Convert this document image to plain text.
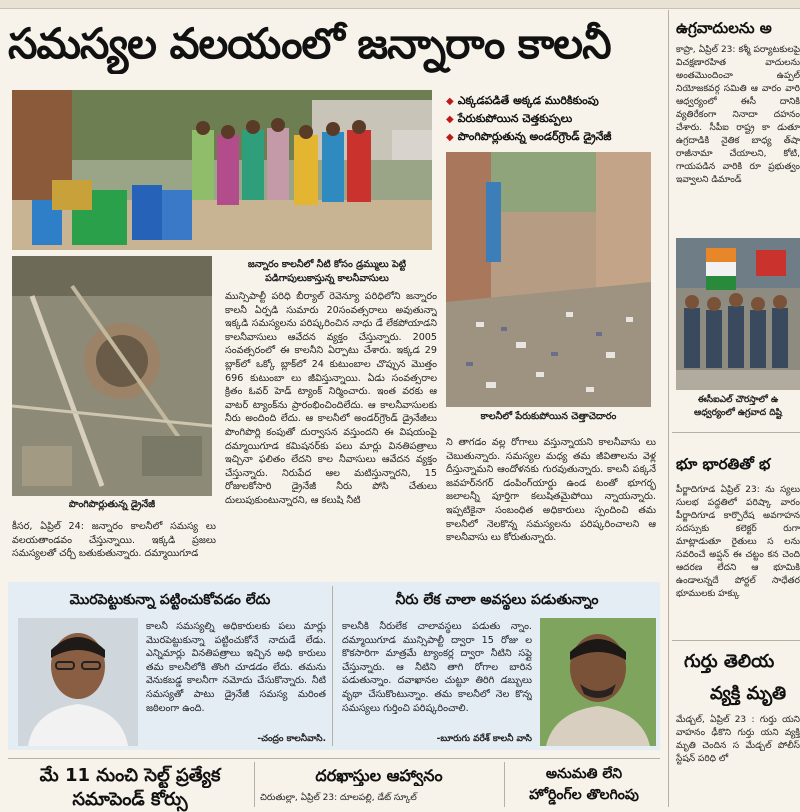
సమస్యల వలయంలో జన్నారాం కాలనీ
◆ ఎక్కడపడితే అక్కడ మురికికుంపు
◆ పేరుకుపోయిన చెత్తకుప్పలు
◆ పొంగిపొర్లుతున్న అండర్‌గ్రౌండ్ డ్రైనేజీ
జన్నారం కాలనీలో నీటి కోసం డ్రమ్ములు పెట్టి పడిగాపులుకాస్తున్న కాలనీవాసులు
పొంగిపొర్లుతున్న డ్రైనేజీ
కాలనీలో పేరుకుపోయిన చెత్తాచెదారం
కీసర, ఏప్రిల్ 24: జన్నారం కాలనీలో సమస్య లు వలయతాండవం చేస్తున్నాయి. ఇక్కడి ప్రజలు సమస్యలతో చర్చీ బతుకుతున్నారు. దమ్మాయిగూడ
మున్సిపాల్టీ పరిధి బీర్యాల్ రెవెన్యూ పరిధిలోని జన్నారం కాలనీ ఏర్పడి సుమారు 20సంవత్సరాలు అవుతున్నా ఇక్కడి సమస్యలను పరిష్కరించిన నాధు డే లేకపోయాడని కాలనీవాసులు ఆవేదన వ్యక్తం చేస్తున్నారు. 2005 సంవత్సరంలో ఈ కాలనీని ఏర్పాటు చేశారు. ఇక్కడ 29 బ్లాక్‌లో ఒక్కో బ్లాక్‌లో 24 కుటుంబాల చొప్పున మొత్తం 696 కుటుంబా లు జీవిస్తున్నాయి. ఏడు సంవత్సరాల క్రితం ఓవర్ హెడ్ ట్యాంక్ నిర్మించారు. ఇంత వరకు ఆ వాటర్ ట్యాంక్‌ను ప్రారంభించిందిలేదు. ఆ కాలనీవాసులకు నీరు అందింది లేదు. ఆ కాలనీలో అండర్‌గ్రౌండ్ డ్రైనేజీలు పొంగిపొర్లి కంపుతో దుర్వాసన వస్తుందని ఈ విషయంపై దమ్మాయిగూడ కమిషనర్‌కు పలు మార్లు వినతిపత్రాలు ఇచ్చినా ఫలితం లేదని కాల నీవాసులు ఆవేదన వ్యక్తం చేస్తున్నారు. నిరుపేద ఆల మటిస్తున్నారని, 15 రోజులకోసారి డ్రైనేజీ నీరు పోసి చేతులు దులుపుకుంటున్నారని, ఆ కలుషి నీటి
ని తాగడం వల్ల రోగాలు వస్తున్నాయని కాలనీవాసు లు చెబుతున్నారు. సమస్యల మధ్య తమ జీవితాలను వెళ్ల దీస్తున్నామని ఆందోళనకు గురవుతున్నారు. కాలనీ పక్కనే జవహర్‌నగర్ డంపింగ్‌యార్డు ఉండ టంతో భూగర్భ జలాలన్నీ పూర్తిగా కలుషితమైపోయి న్నాయన్నారు. ఇప్పటికైనా సంబంధిత అధికారులు స్పందించి తమ కాలనీలో నెలకొన్న సమస్యలను పరిష్కరించాలని ఆ కాలనీవాసు లు కోరుతున్నారు.
మొరపెట్టుకున్నా పట్టించుకోవడం లేదు
కాలనీ సమస్యల్ని అధికారులకు పలు మార్లు మొరపెట్టుకున్నా పట్టించుకోనే నాదుడే లేడు. ఎన్నిమార్లు వినతిపత్రాలు ఇచ్చిన అధి కారులు తమ కాలనీలోకి తొంగి చూడడం లేదు. తమను వెనుకబడ్డ కాలనీగా నమోదు చేసుకొన్నారు. నీటి సమస్యతో పాటు డ్రైనేజీ సమస్య మరింత జఠిలంగా ఉంది.
-చంద్రం కాలనీవాసి.
నీరు లేక చాలా అవస్థలు పడుతున్నాం
కాలనీకి నీరులేక చాలావస్థలు పడుతు న్నాం. దమ్మాయిగూడ మున్సిపాల్టీ ద్వారా 15 రోజు ల కొకసారిగా మాత్రమే ట్యాంకర్ల ద్వారా నీటిని సప్లై చేస్తున్నారు. ఆ నీటిని తాగి రోగాల బారిన పడుతున్నాం. దవాఖానల చుట్టూ తిరిగి డబ్బులు వృథా చేసుకొంటున్నాం. తమ కాలనీలో నెల కొన్న సమస్యలు గుర్తించి పరిష్కరించాలి.
-బూరుగు వరేశ్ కాలనీ వాసి
మే 11 నుంచి సెల్ట్ ప్రత్యేక
సమాపెండ్ కోర్సు
దరఖాస్తుల ఆహ్వానం
చిరుతుల్లా, ఏప్రిల్ 23: దూలపల్లి, డేట్ స్కూల్
అనుమతి లేని
హోర్డింగ్‌ల తొలగింపు
ఉగ్రవాదులను అ
కాప్రా, ఏప్రిల్ 23: కశ్మీ పర్యాటకులపై విచక్షణారహిత వాదులను అంతమొందించా ఉప్పల్ నియోజకవర్గ సమితి ఆ వారం వారి ఆధ్వర్యంలో ఈసీ దానికి వ్యతిరేకంగా నినాదా దహనం చేశారు. సీపీఐ రాష్ట్ర కా డుతూ ఉగ్రదాడికి నైతిక బాధ్య త్‌షా రాజీనామా చేయాలని, కోటి, గాయపడిన వారికి రూ ప్రభుత్వం ఇవ్వాలని డిమాండ్
ఈసీఐఎల్ చౌరస్తాలో ఉ ఆధ్వర్యంలో ఉగ్రవాద దిష్టి
భూ భారతితో భ
పీర్జాదిగూడ ఏప్రిల్ 23: ను స్యలు సులభ పద్దతిలో పరిష్కా వారం పీర్జాదిగూడ కార్పొరేష అవగాహన సదస్సుకు కలెక్టర్ రుగా మాట్లాడుతూ రైతులు స లను సవరించే అప్షన్ ఈ చట్టం కన చెంది ఆదరణ లేదని ఆ భూమికి ఉండాలన్నదే పోర్టల్ సాధేతర భూములకు హక్కు
గుర్తు తెలియ
వ్యక్తి మృతి
మేడ్చల్, ఏప్రిల్ 23 : గుర్తు యని వాహనం ఢీకొని గుర్తు యని వ్యక్తి మృతి చెందిన స మేడ్చల్ పోలీస్ స్టేషన్ పరిధి లో
